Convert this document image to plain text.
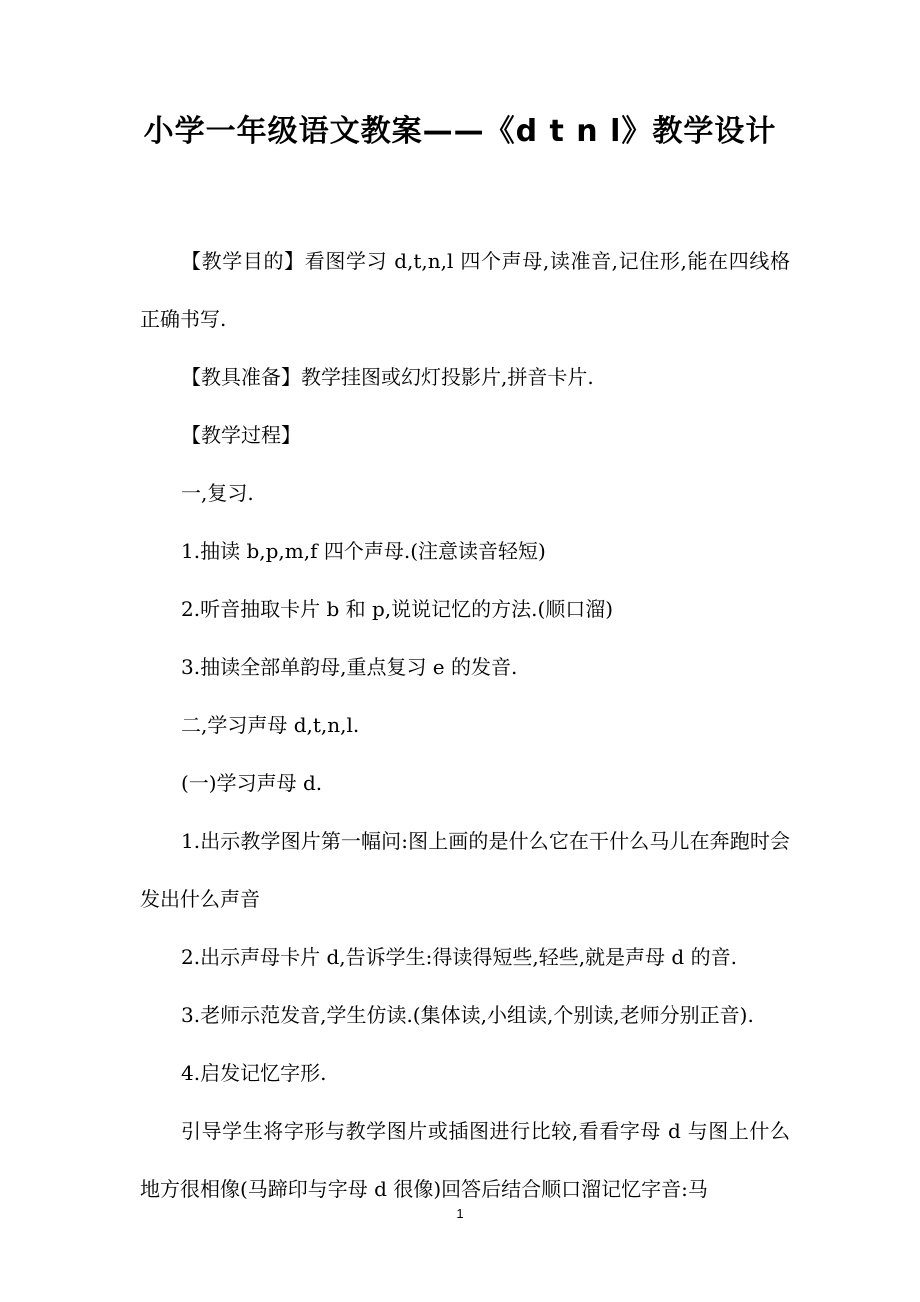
小学一年级语文教案——《d t n l》教学设计

【教学目的】看图学习 d,t,n,l 四个声母,读准音,记住形,能在四线格正确书写.

【教具准备】教学挂图或幻灯投影片,拼音卡片.

【教学过程】

一,复习.

1.抽读 b,p,m,f 四个声母.(注意读音轻短)

2.听音抽取卡片 b 和 p,说说记忆的方法.(顺口溜)

3.抽读全部单韵母,重点复习 e 的发音.

二,学习声母 d,t,n,l.

(一)学习声母 d.

1.出示教学图片第一幅问:图上画的是什么它在干什么马儿在奔跑时会发出什么声音

2.出示声母卡片 d,告诉学生:得读得短些,轻些,就是声母 d 的音.

3.老师示范发音,学生仿读.(集体读,小组读,个别读,老师分别正音).

4.启发记忆字形.

引导学生将字形与教学图片或插图进行比较,看看字母 d 与图上什么地方很相像(马蹄印与字母 d 很像)回答后结合顺口溜记忆字音:马

1
